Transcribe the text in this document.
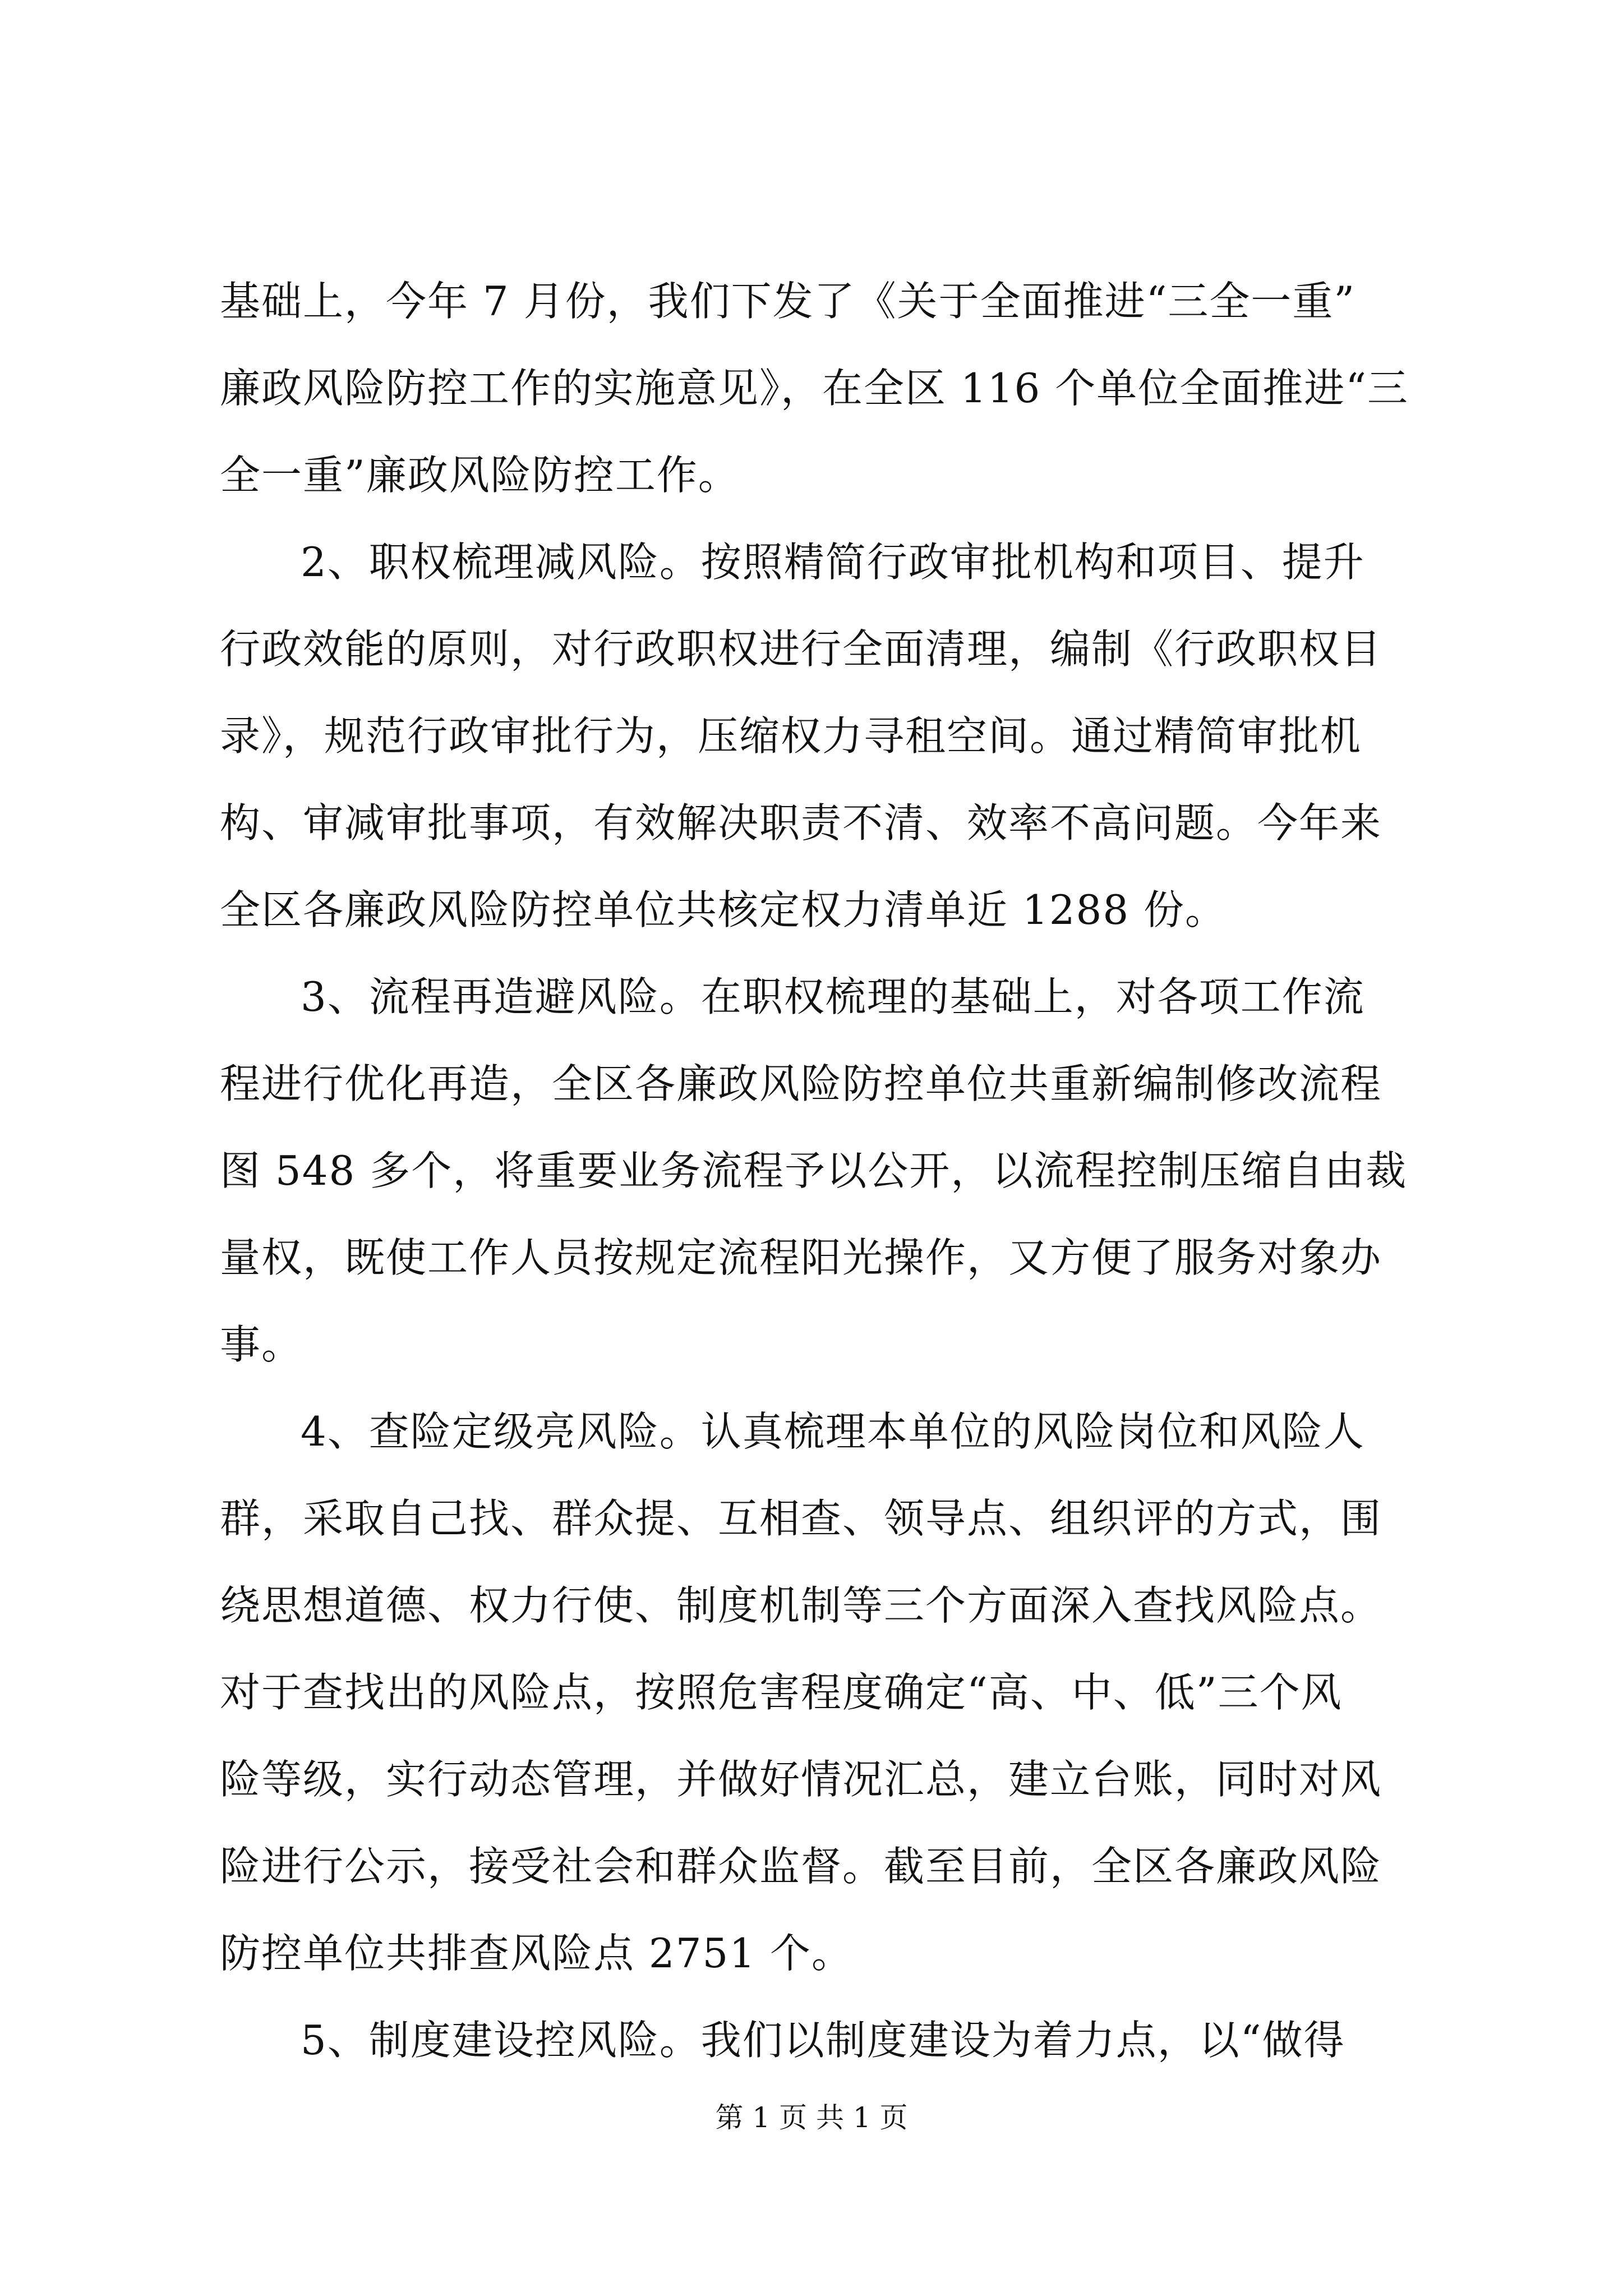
基础上，今年 7 月份，我们下发了《关于全面推进“三全一重”
廉政风险防控工作的实施意见》，在全区 116 个单位全面推进“三
全一重”廉政风险防控工作。
2、职权梳理减风险。按照精简行政审批机构和项目、提升
行政效能的原则，对行政职权进行全面清理，编制《行政职权目
录》，规范行政审批行为，压缩权力寻租空间。通过精简审批机
构、审减审批事项，有效解决职责不清、效率不高问题。今年来
全区各廉政风险防控单位共核定权力清单近 1288 份。
3、流程再造避风险。在职权梳理的基础上，对各项工作流
程进行优化再造，全区各廉政风险防控单位共重新编制修改流程
图 548 多个，将重要业务流程予以公开，以流程控制压缩自由裁
量权，既使工作人员按规定流程阳光操作，又方便了服务对象办
事。
4、查险定级亮风险。认真梳理本单位的风险岗位和风险人
群，采取自己找、群众提、互相查、领导点、组织评的方式，围
绕思想道德、权力行使、制度机制等三个方面深入查找风险点。
对于查找出的风险点，按照危害程度确定“高、中、低”三个风
险等级，实行动态管理，并做好情况汇总，建立台账，同时对风
险进行公示，接受社会和群众监督。截至目前，全区各廉政风险
防控单位共排查风险点 2751 个。
5、制度建设控风险。我们以制度建设为着力点，以“做得
第 1 页 共 1 页
